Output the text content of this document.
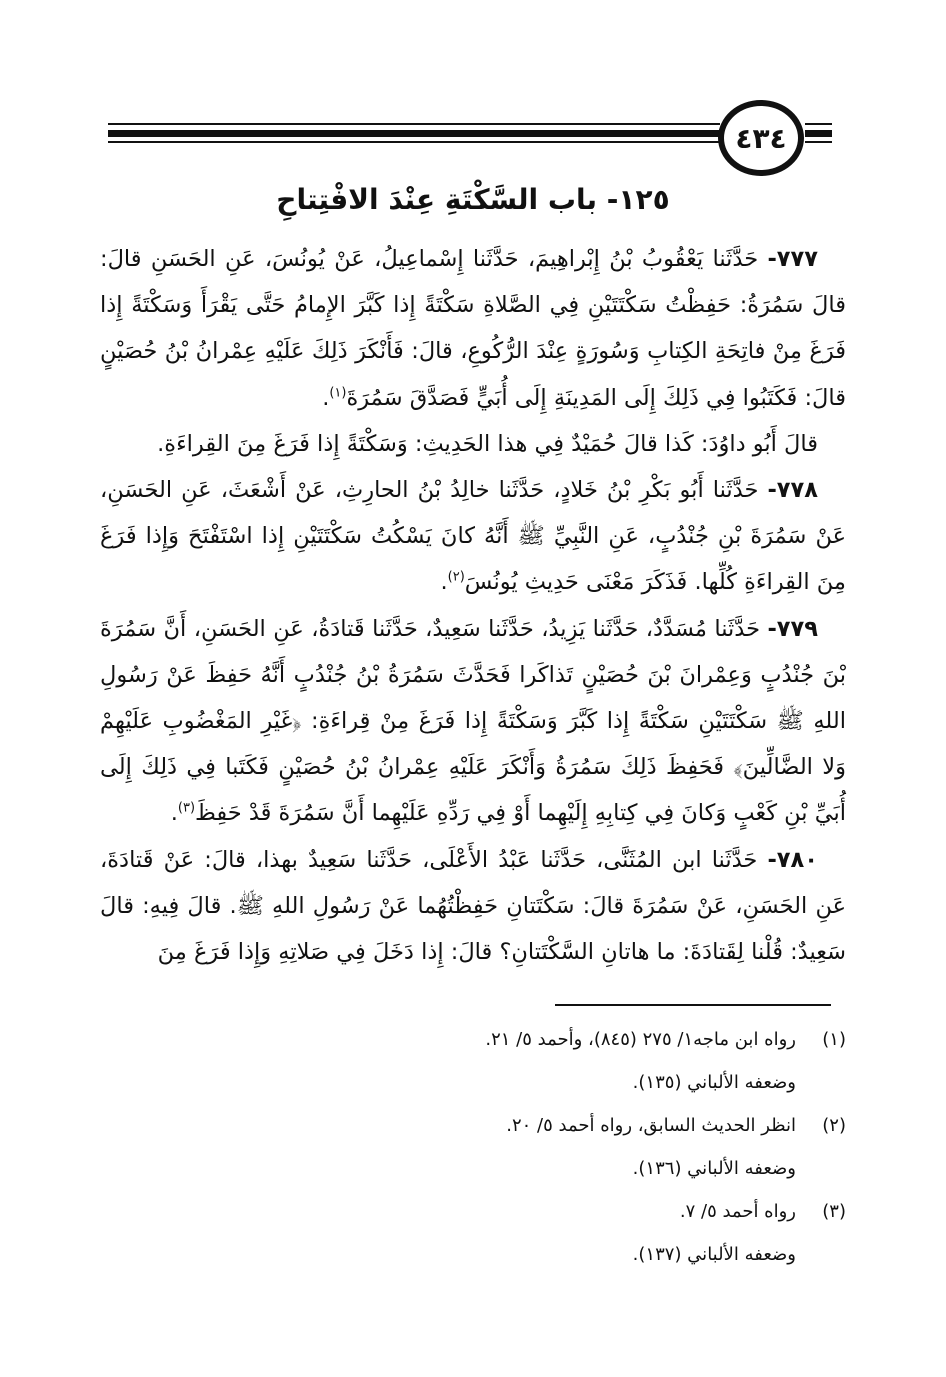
٤٣٤
١٢٥- باب السَّكْتَةِ عِنْدَ الافْتِتاحِ

٧٧٧- حَدَّثَنا يَعْقُوبُ بْنُ إِبْراهِيمَ، حَدَّثَنا إِسْماعِيلُ، عَنْ يُونُسَ، عَنِ الحَسَنِ قالَ: قالَ سَمُرَةُ: حَفِظْتُ سَكْتَتَيْنِ فِي الصَّلاةِ سَكْتَةً إِذا كَبَّرَ الإِمامُ حَتَّى يَقْرَأَ وَسَكْتَةً إِذا فَرَغَ مِنْ فاتِحَةِ الكِتابِ وَسُورَةٍ عِنْدَ الرُّكُوعِ، قالَ: فَأَنْكَرَ ذَلِكَ عَلَيْهِ عِمْرانُ بْنُ حُصَيْنٍ قالَ: فَكَتَبُوا فِي ذَلِكَ إِلَى المَدِينَةِ إِلَى أُبَيٍّ فَصَدَّقَ سَمُرَةَ$^{(١)}$.

قالَ أَبُو داوُدَ: كَذا قالَ حُمَيْدٌ فِي هذا الحَدِيثِ: وَسَكْتَةً إِذا فَرَغَ مِنَ القِراءَةِ.

٧٧٨- حَدَّثَنا أَبُو بَكْرِ بْنُ خَلادٍ، حَدَّثَنا خالِدُ بْنُ الحارِثِ، عَنْ أَشْعَثَ، عَنِ الحَسَنِ، عَنْ سَمُرَةَ بْنِ جُنْدُبٍ، عَنِ النَّبِيِّ ﷺ أَنَّهُ كانَ يَسْكُتُ سَكْتَتَيْنِ إِذا اسْتَفْتَحَ وَإِذا فَرَغَ مِنَ القِراءَةِ كُلِّها. فَذَكَرَ مَعْنَى حَدِيثِ يُونُسَ$^{(٢)}$.

٧٧٩- حَدَّثَنا مُسَدَّدٌ، حَدَّثَنا يَزِيدُ، حَدَّثَنا سَعِيدٌ، حَدَّثَنا قَتادَةُ، عَنِ الحَسَنِ، أَنَّ سَمُرَةَ بْنَ جُنْدُبٍ وَعِمْرانَ بْنَ حُصَيْنٍ تَذاكَرا فَحَدَّثَ سَمُرَةُ بْنُ جُنْدُبٍ أَنَّهُ حَفِظَ عَنْ رَسُولِ اللهِ ﷺ سَكْتَتَيْنِ سَكْتَةً إِذا كَبَّرَ وَسَكْتَةً إِذا فَرَغَ مِنْ قِراءَةِ: ﴿غَيْرِ المَغْضُوبِ عَلَيْهِمْ وَلا الضَّالِّينَ﴾ فَحَفِظَ ذَلِكَ سَمُرَةُ وَأَنْكَرَ عَلَيْهِ عِمْرانُ بْنُ حُصَيْنٍ فَكَتَبا فِي ذَلِكَ إِلَى أُبَيِّ بْنِ كَعْبٍ وَكانَ فِي كِتابِهِ إِلَيْهِما أَوْ فِي رَدِّهِ عَلَيْهِما أَنَّ سَمُرَةَ قَدْ حَفِظَ$^{(٣)}$.

٧٨٠- حَدَّثَنا ابن المُثَنَّى، حَدَّثَنا عَبْدُ الأَعْلَى، حَدَّثَنا سَعِيدٌ بهذا، قالَ: عَنْ قَتادَةَ، عَنِ الحَسَنِ، عَنْ سَمُرَةَ قالَ: سَكْتَتانِ حَفِظْتُهُما عَنْ رَسُولِ اللهِ ﷺ. قالَ فِيهِ: قالَ سَعِيدٌ: قُلْنا لِقَتادَةَ: ما هاتانِ السَّكْتَتانِ؟ قالَ: إِذا دَخَلَ فِي صَلاتِهِ وَإِذا فَرَغَ مِنَ

(١)
رواه ابن ماجه١/ ٢٧٥ (٨٤٥)، وأحمد ٥/ ٢١.
وضعفه الألباني (١٣٥).
(٢)
انظر الحديث السابق، رواه أحمد ٥/ ٢٠.
وضعفه الألباني (١٣٦).
(٣)
رواه أحمد ٥/ ٧.
وضعفه الألباني (١٣٧).
